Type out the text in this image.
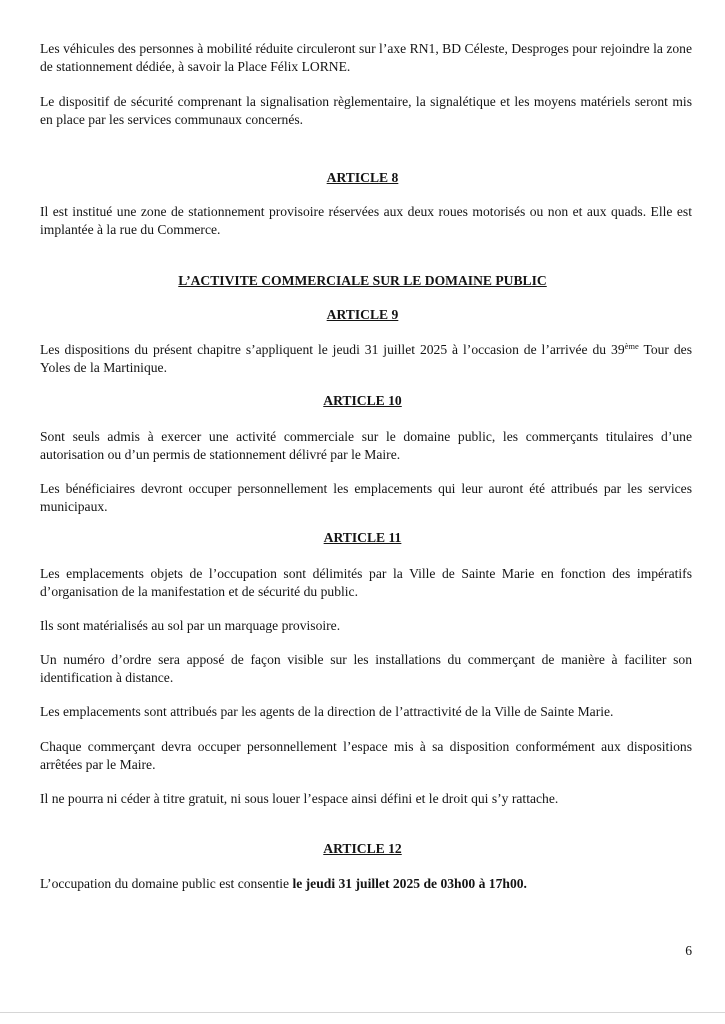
Les véhicules des personnes à mobilité réduite circuleront sur l’axe RN1, BD Céleste, Desproges pour rejoindre la zone de stationnement dédiée, à savoir la Place Félix LORNE.

Le dispositif de sécurité comprenant la signalisation règlementaire, la signalétique et les moyens matériels seront mis en place par les services communaux concernés.

ARTICLE 8

Il est institué une zone de stationnement provisoire réservées aux deux roues motorisés ou non et aux quads. Elle est implantée à la rue du Commerce.

L’ACTIVITE COMMERCIALE SUR LE DOMAINE PUBLIC
ARTICLE 9

Les dispositions du présent chapitre s’appliquent le jeudi 31 juillet 2025 à l’occasion de l’arrivée du 39ème Tour des Yoles de la Martinique.

ARTICLE 10

Sont seuls admis à exercer une activité commerciale sur le domaine public, les commerçants titulaires d’une autorisation ou d’un permis de stationnement délivré par le Maire.

Les bénéficiaires devront occuper personnellement les emplacements qui leur auront été attribués par les services municipaux.

ARTICLE 11

Les emplacements objets de l’occupation sont délimités par la Ville de Sainte Marie en fonction des impératifs d’organisation de la manifestation et de sécurité du public.

Ils sont matérialisés au sol par un marquage provisoire.

Un numéro d’ordre sera apposé de façon visible sur les installations du commerçant de manière à faciliter son identification à distance.

Les emplacements sont attribués par les agents de la direction de l’attractivité de la Ville de Sainte Marie.

Chaque commerçant devra occuper personnellement l’espace mis à sa disposition conformément aux dispositions arrêtées par le Maire.

Il ne pourra ni céder à titre gratuit, ni sous louer l’espace ainsi défini et le droit qui s’y rattache.

ARTICLE 12

L’occupation du domaine public est consentie le jeudi 31 juillet 2025 de 03h00 à 17h00.

6
